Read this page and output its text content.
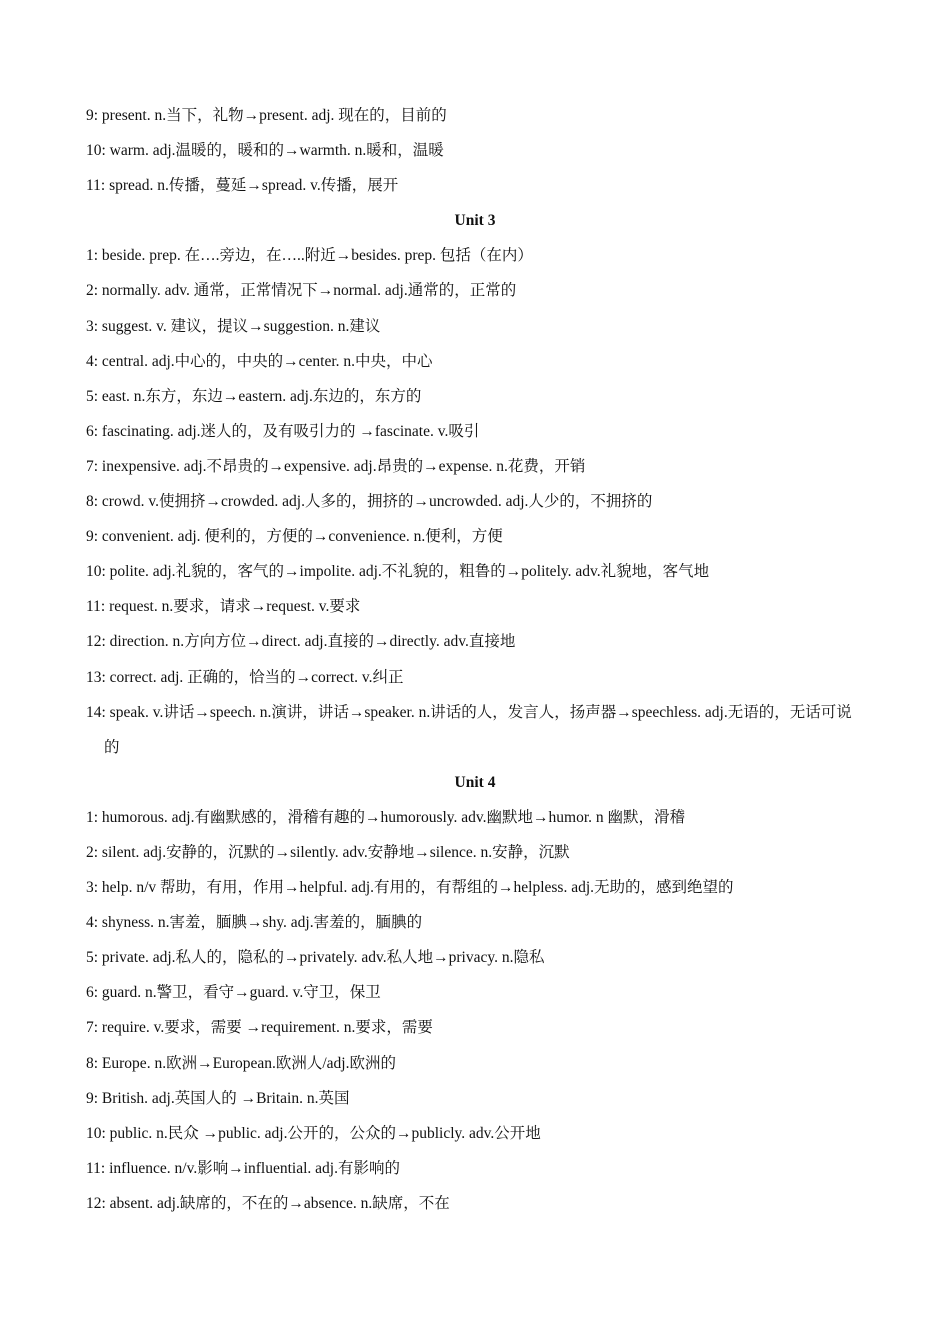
9: present. n.当下，礼物→present. adj. 现在的，目前的
10: warm. adj.温暖的，暖和的→warmth. n.暖和，温暖
11: spread. n.传播，蔓延→spread. v.传播，展开
Unit 3
1: beside. prep. 在….旁边，在…..附近→besides. prep. 包括（在内）
2: normally. adv. 通常，正常情况下→normal. adj.通常的，正常的
3: suggest. v. 建议，提议→suggestion. n.建议
4: central. adj.中心的，中央的→center. n.中央，中心
5: east. n.东方，东边→eastern. adj.东边的，东方的
6: fascinating. adj.迷人的，及有吸引力的 →fascinate. v.吸引
7: inexpensive. adj.不昂贵的→expensive. adj.昂贵的→expense. n.花费，开销
8: crowd. v.使拥挤→crowded. adj.人多的，拥挤的→uncrowded. adj.人少的，不拥挤的
9: convenient. adj. 便利的，方便的→convenience. n.便利，方便
10: polite. adj.礼貌的，客气的→impolite. adj.不礼貌的，粗鲁的→politely. adv.礼貌地，客气地
11: request. n.要求，请求→request. v.要求
12: direction. n.方向方位→direct. adj.直接的→directly. adv.直接地
13: correct. adj. 正确的，恰当的→correct. v.纠正
14: speak. v.讲话→speech. n.演讲，讲话→speaker. n.讲话的人，发言人，扬声器→speechless. adj.无语的，无话可说的
Unit 4
1: humorous. adj.有幽默感的，滑稽有趣的→humorously. adv.幽默地→humor. n 幽默，滑稽
2: silent. adj.安静的，沉默的→silently. adv.安静地→silence. n.安静，沉默
3: help. n/v 帮助，有用，作用→helpful. adj.有用的，有帮组的→helpless. adj.无助的，感到绝望的
4: shyness. n.害羞，腼腆→shy. adj.害羞的，腼腆的
5: private. adj.私人的，隐私的→privately. adv.私人地→privacy. n.隐私
6: guard. n.警卫，看守→guard. v.守卫，保卫
7: require. v.要求，需要 →requirement. n.要求，需要
8: Europe. n.欧洲→European.欧洲人/adj.欧洲的
9: British. adj.英国人的 →Britain. n.英国
10: public. n.民众 →public. adj.公开的，公众的→publicly. adv.公开地
11: influence. n/v.影响→influential. adj.有影响的
12: absent. adj.缺席的，不在的→absence. n.缺席，不在
